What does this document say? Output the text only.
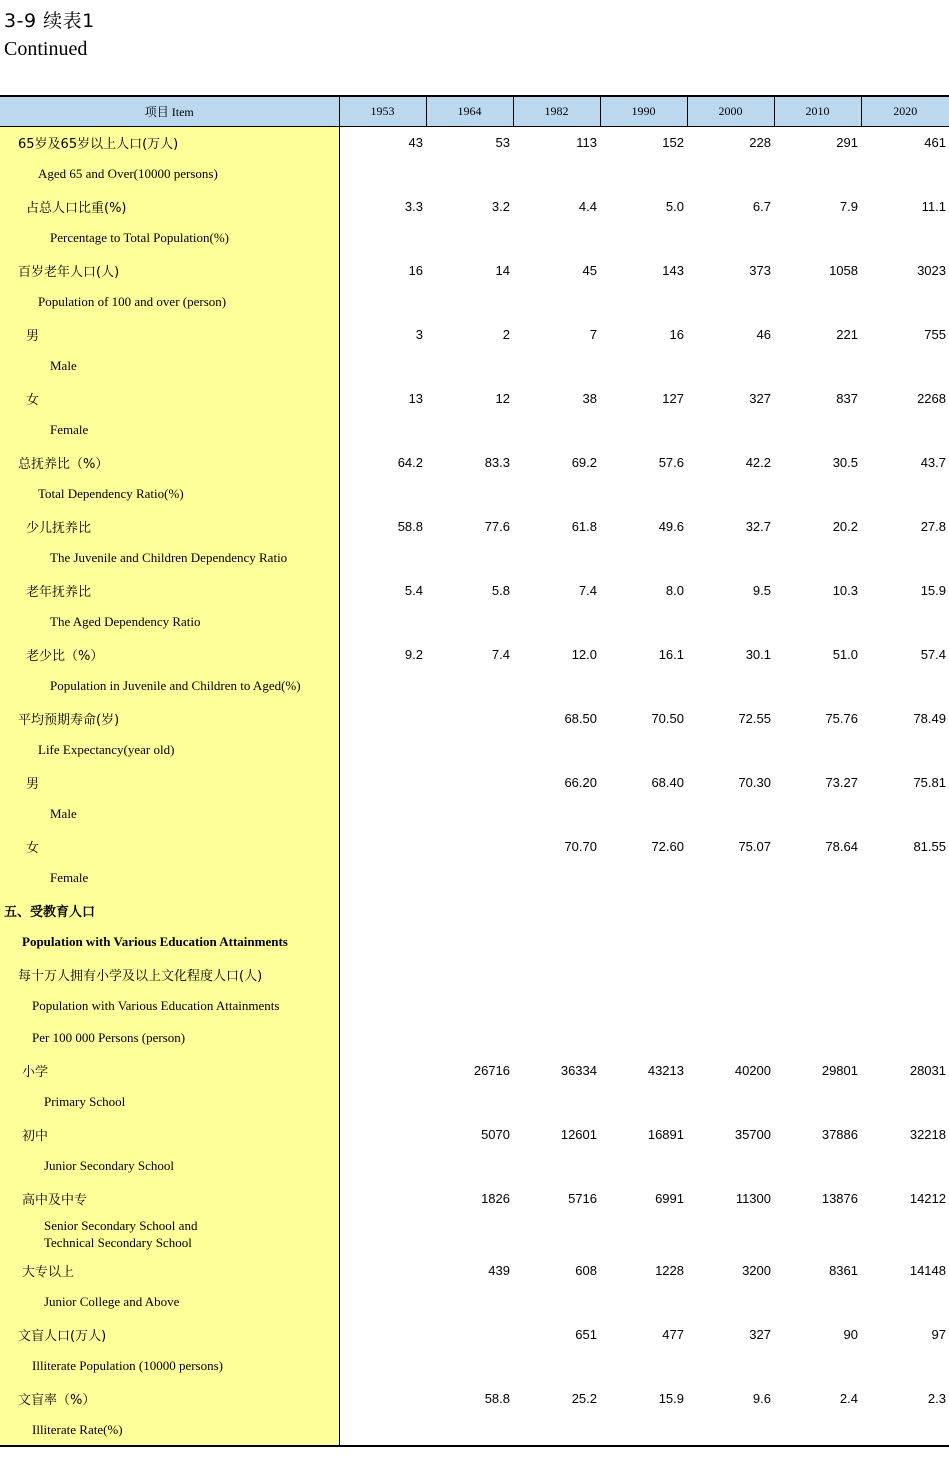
3-9 续表1
Continued
项目 Item	1953	1964	1982	1990	2000	2010	2020
65岁及65岁以上人口(万人)	43	53	113	152	228	291	461
Aged 65 and Over(10000 persons)							
占总人口比重(%)	3.3	3.2	4.4	5.0	6.7	7.9	11.1
Percentage to Total Population(%)							
百岁老年人口(人)	16	14	45	143	373	1058	3023
Population of 100 and over (person)							
男	3	2	7	16	46	221	755
Male							
女	13	12	38	127	327	837	2268
Female							
总抚养比（%）	64.2	83.3	69.2	57.6	42.2	30.5	43.7
Total Dependency Ratio(%)							
少儿抚养比	58.8	77.6	61.8	49.6	32.7	20.2	27.8
The Juvenile and Children Dependency Ratio							
老年抚养比	5.4	5.8	7.4	8.0	9.5	10.3	15.9
The Aged Dependency Ratio							
老少比（%）	9.2	7.4	12.0	16.1	30.1	51.0	57.4
Population in Juvenile and Children to Aged(%)							
平均预期寿命(岁)			68.50	70.50	72.55	75.76	78.49
Life Expectancy(year old)							
男			66.20	68.40	70.30	73.27	75.81
Male							
女			70.70	72.60	75.07	78.64	81.55
Female							
五、受教育人口							
Population with Various Education Attainments							
每十万人拥有小学及以上文化程度人口(人)							
Population with Various Education Attainments							
Per 100 000 Persons (person)							
小学		26716	36334	43213	40200	29801	28031
Primary School							
初中		5070	12601	16891	35700	37886	32218
Junior Secondary School							
高中及中专		1826	5716	6991	11300	13876	14212
Senior Secondary School and
Technical Secondary School							
大专以上		439	608	1228	3200	8361	14148
Junior College and Above							
文盲人口(万人)			651	477	327	90	97
Illiterate Population (10000 persons)							
文盲率（%）		58.8	25.2	15.9	9.6	2.4	2.3
Illiterate Rate(%)							
